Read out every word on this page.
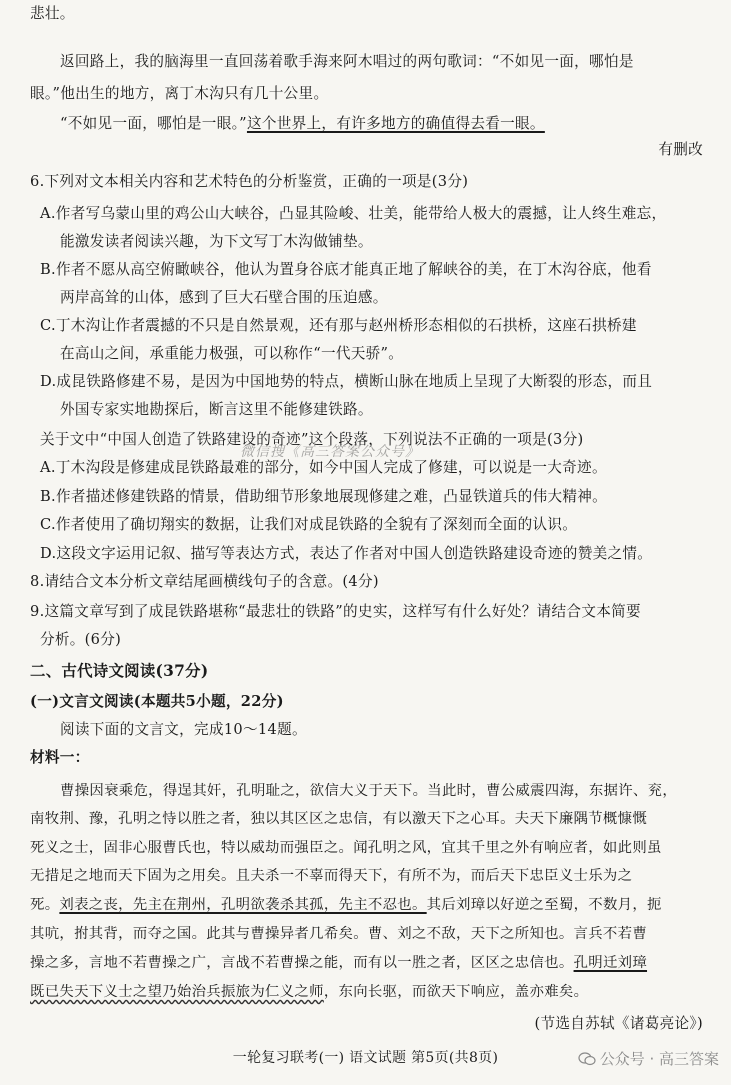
悲壮。
返回路上，我的脑海里一直回荡着歌手海来阿木唱过的两句歌词：“不如见一面，哪怕是
眼。”他出生的地方，离丁木沟只有几十公里。
“不如见一面，哪怕是一眼。”这个世界上，有许多地方的确值得去看一眼。
有删改
6.下列对文本相关内容和艺术特色的分析鉴赏，正确的一项是(3分)
A.作者写乌蒙山里的鸡公山大峡谷，凸显其险峻、壮美，能带给人极大的震撼，让人终生难忘，
能激发读者阅读兴趣，为下文写丁木沟做铺垫。
B.作者不愿从高空俯瞰峡谷，他认为置身谷底才能真正地了解峡谷的美，在丁木沟谷底，他看
两岸高耸的山体，感到了巨大石壁合围的压迫感。
C.丁木沟让作者震撼的不只是自然景观，还有那与赵州桥形态相似的石拱桥，这座石拱桥建
在高山之间，承重能力极强，可以称作“一代天骄”。
D.成昆铁路修建不易，是因为中国地势的特点，横断山脉在地质上呈现了大断裂的形态，而且
外国专家实地勘探后，断言这里不能修建铁路。
关于文中“中国人创造了铁路建设的奇迹”这个段落，下列说法不正确的一项是(3分)
A.丁木沟段是修建成昆铁路最难的部分，如今中国人完成了修建，可以说是一大奇迹。
B.作者描述修建铁路的情景，借助细节形象地展现修建之难，凸显铁道兵的伟大精神。
C.作者使用了确切翔实的数据，让我们对成昆铁路的全貌有了深刻而全面的认识。
D.这段文字运用记叙、描写等表达方式，表达了作者对中国人创造铁路建设奇迹的赞美之情。
8.请结合文本分析文章结尾画横线句子的含意。(4分)
9.这篇文章写到了成昆铁路堪称“最悲壮的铁路”的史实，这样写有什么好处？请结合文本简要
分析。(6分)
二、古代诗文阅读(37分)
(一)文言文阅读(本题共5小题，22分)
阅读下面的文言文，完成10～14题。
材料一：
曹操因衰乘危，得逞其奸，孔明耻之，欲信大义于天下。当此时，曹公威震四海，东据许、兖，
南牧荆、豫，孔明之恃以胜之者，独以其区区之忠信，有以激天下之心耳。夫天下廉隅节概慷慨
死义之士，固非心服曹氏也，特以威劫而强臣之。闻孔明之风，宜其千里之外有响应者，如此则虽
无措足之地而天下固为之用矣。且夫杀一不辜而得天下，有所不为，而后天下忠臣义士乐为之
死。刘表之丧，先主在荆州，孔明欲袭杀其孤，先主不忍也。其后刘璋以好逆之至蜀，不数月，扼
其吭，拊其背，而夺之国。此其与曹操异者几希矣。曹、刘之不敌，天下之所知也。言兵不若曹
操之多，言地不若曹操之广，言战不若曹操之能，而有以一胜之者，区区之忠信也。孔明迁刘璋
既已失天下义士之望乃始治兵振旅为仁义之师，东向长驱，而欲天下响应，盖亦难矣。
(节选自苏轼《诸葛亮论》)
一轮复习联考(一) 语文试题 第5页(共8页)
微信搜《高三答案公众号》
公众号 · 高三答案
